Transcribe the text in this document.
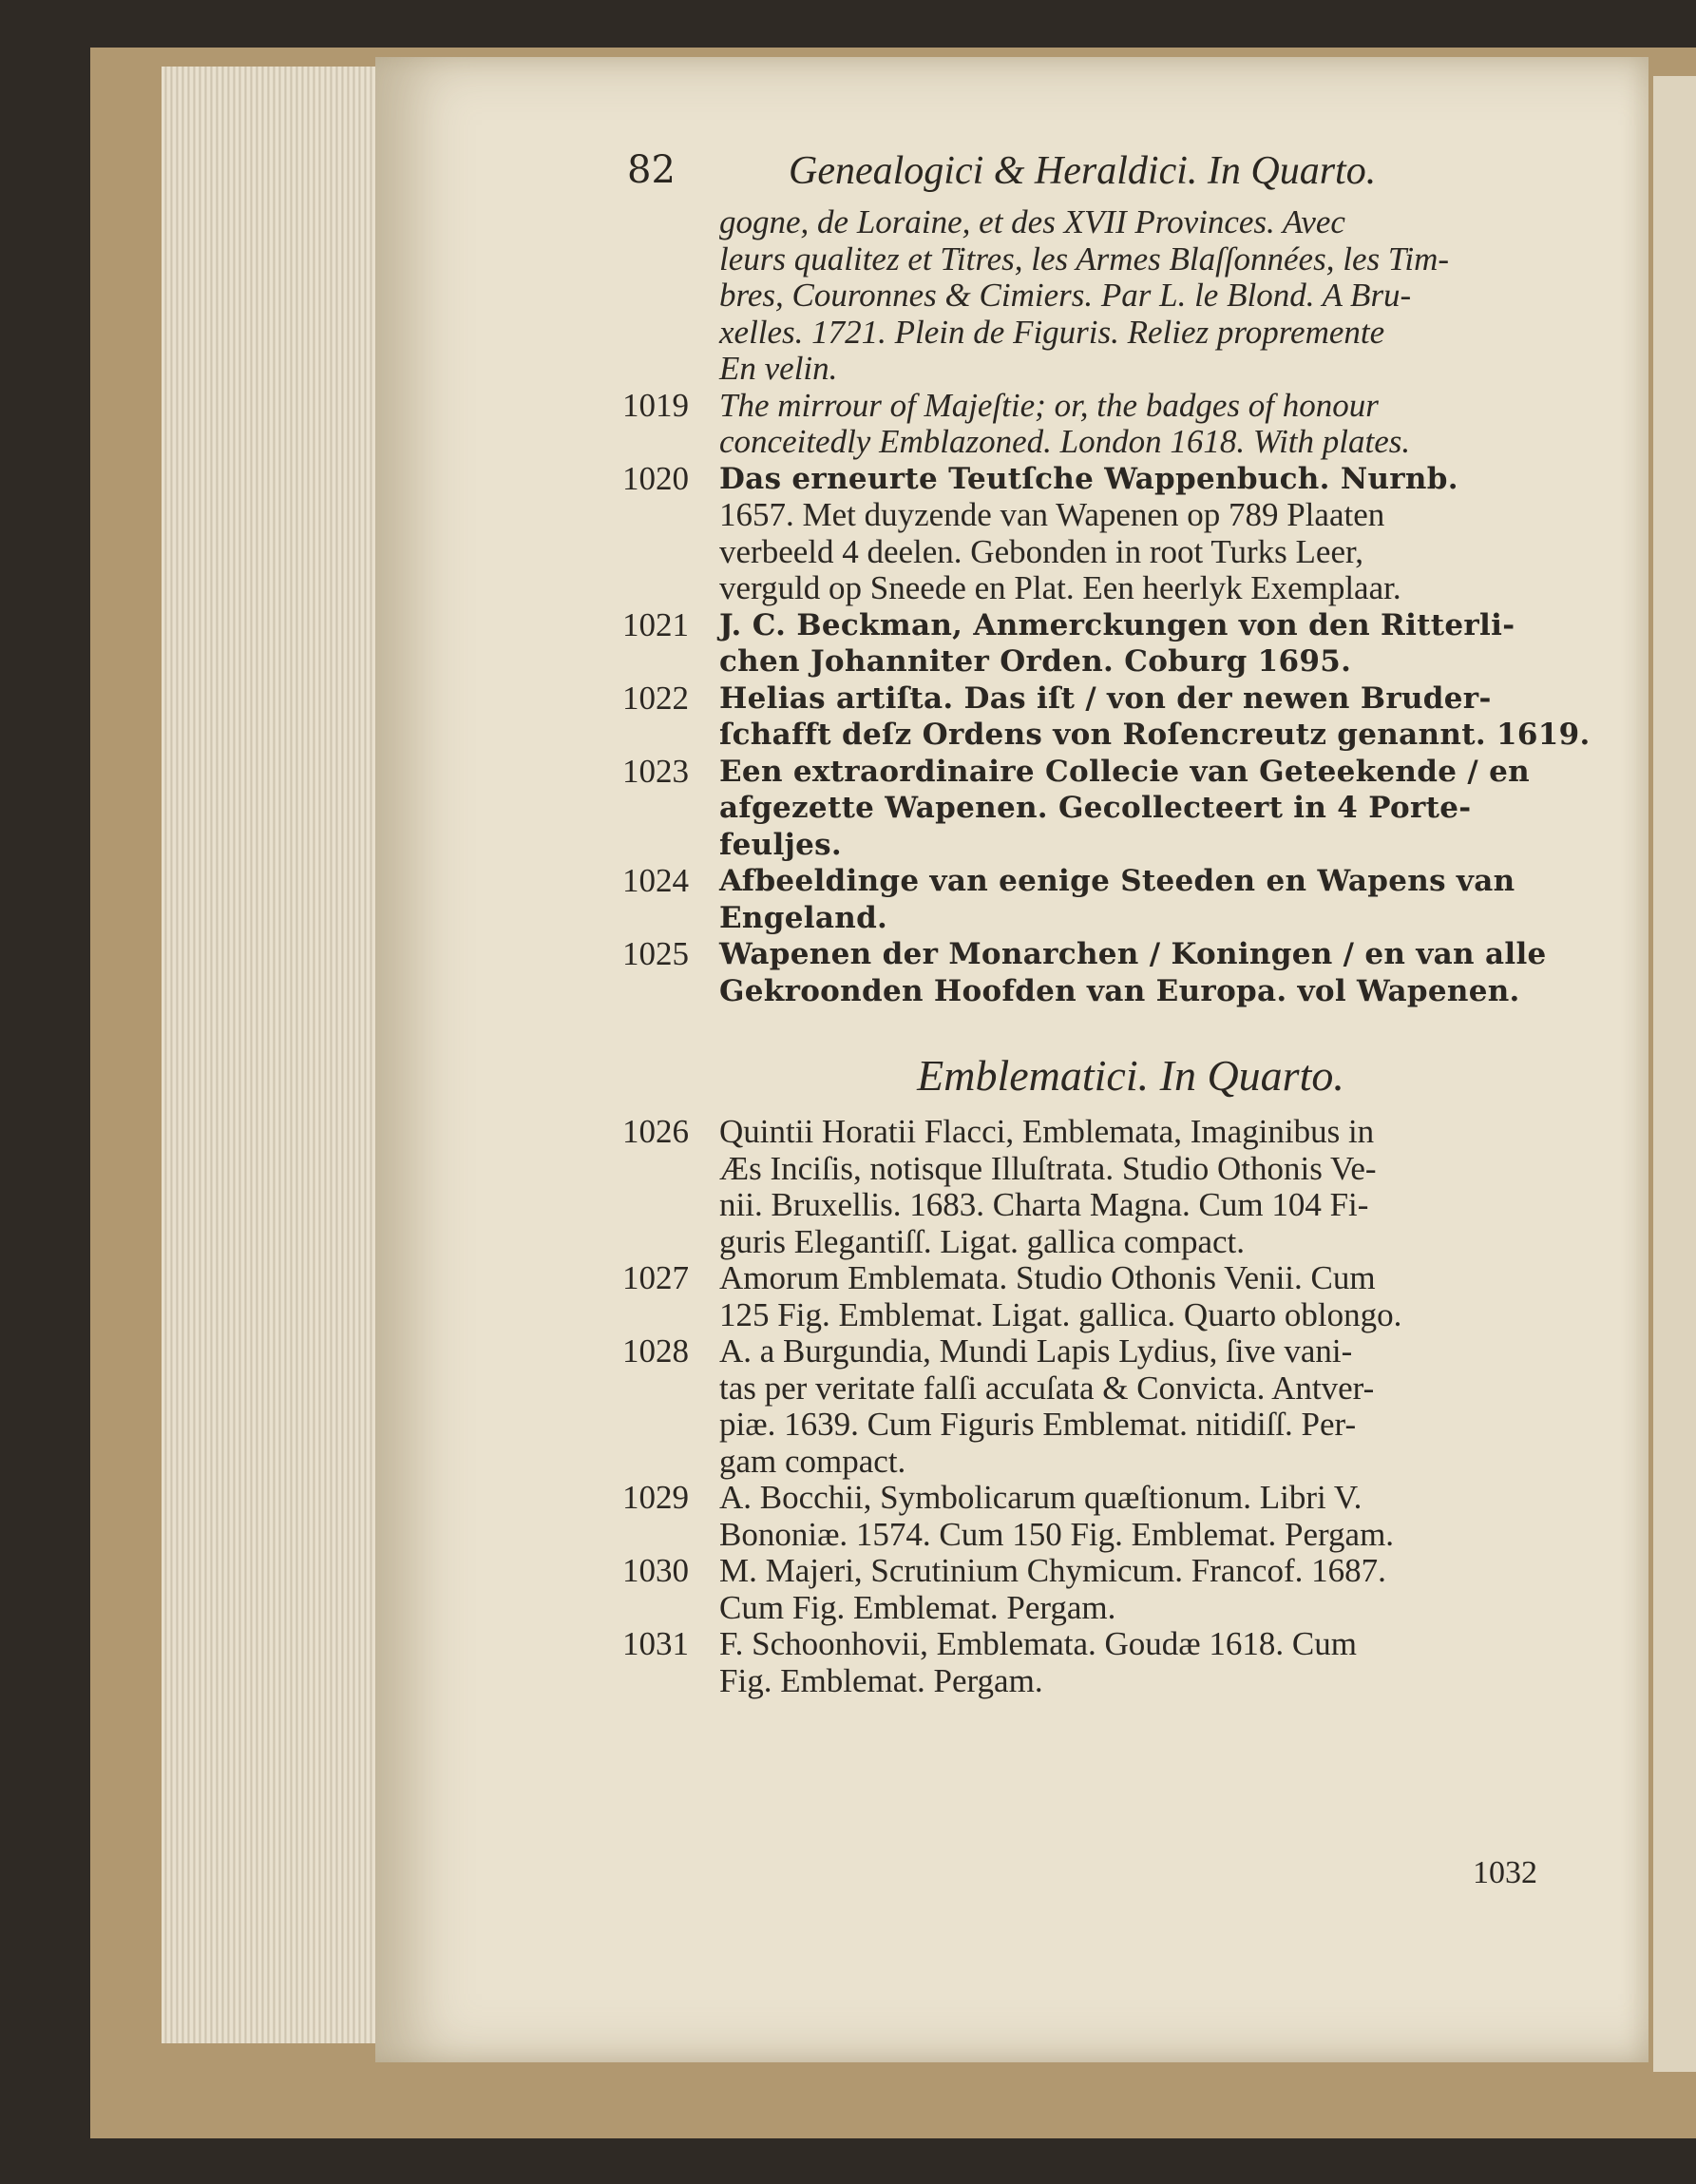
82	Genealogici & Heraldici. In Quarto.
gogne, de Loraine, et des XVII Provinces. Avec
leurs qualitez et Titres, les Armes Blaſſonnées, les Tim-
bres, Couronnes & Cimiers. Par L. le Blond. A Bru-
xelles. 1721. Plein de Figuris. Reliez propremente
En velin.
1019 The mirrour of Majeſtie; or, the badges of honour
conceitedly Emblazoned. London 1618. With plates.
1020	Das erneurte Teutſche Wappenbuch. Nurnb.
1657. Met duyzende van Wapenen op 789 Plaaten
verbeeld 4 deelen. Gebonden in root Turks Leer,
verguld op Sneede en Plat. Een heerlyk Exemplaar.
1021	J. C. Beckman, Anmerckungen von den Ritterli-
chen Johanniter Orden. Coburg 1695.
1022	Helias artiſta. Das iſt / von der newen Bruder-
ſchafft deſz Ordens von Roſencreutz genannt. 1619.
1023	Een extraordinaire Collecie van Geteekende / en
afgezette Wapenen. Gecollecteert in 4 Porte-
feuljes.
1024	Afbeeldinge van eenige Steeden en Wapens van
Engeland.
1025	Wapenen der Monarchen / Koningen / en van alle
Gekroonden Hoofden van Europa. vol Wapenen.
Emblematici. In Quarto.
1026 Quintii Horatii Flacci, Emblemata, Imaginibus in
Æs Inciſis, notisque Illuſtrata. Studio Othonis Ve-
nii. Bruxellis. 1683. Charta Magna. Cum 104 Fi-
guris Elegantiſſ. Ligat. gallica compact.
1027 Amorum Emblemata. Studio Othonis Venii. Cum
125 Fig. Emblemat. Ligat. gallica. Quarto oblongo.
1028 A. a Burgundia, Mundi Lapis Lydius, ſive vani-
tas per veritate falſi accuſata & Convicta. Antver-
piæ. 1639. Cum Figuris Emblemat. nitidiſſ. Per-
gam compact.
1029 A. Bocchii, Symbolicarum quæſtionum. Libri V.
Bononiæ. 1574. Cum 150 Fig. Emblemat. Pergam.
1030 M. Majeri, Scrutinium Chymicum. Francof. 1687.
Cum Fig. Emblemat. Pergam.
1031 F. Schoonhovii, Emblemata. Goudæ 1618. Cum
Fig. Emblemat. Pergam.
1032
